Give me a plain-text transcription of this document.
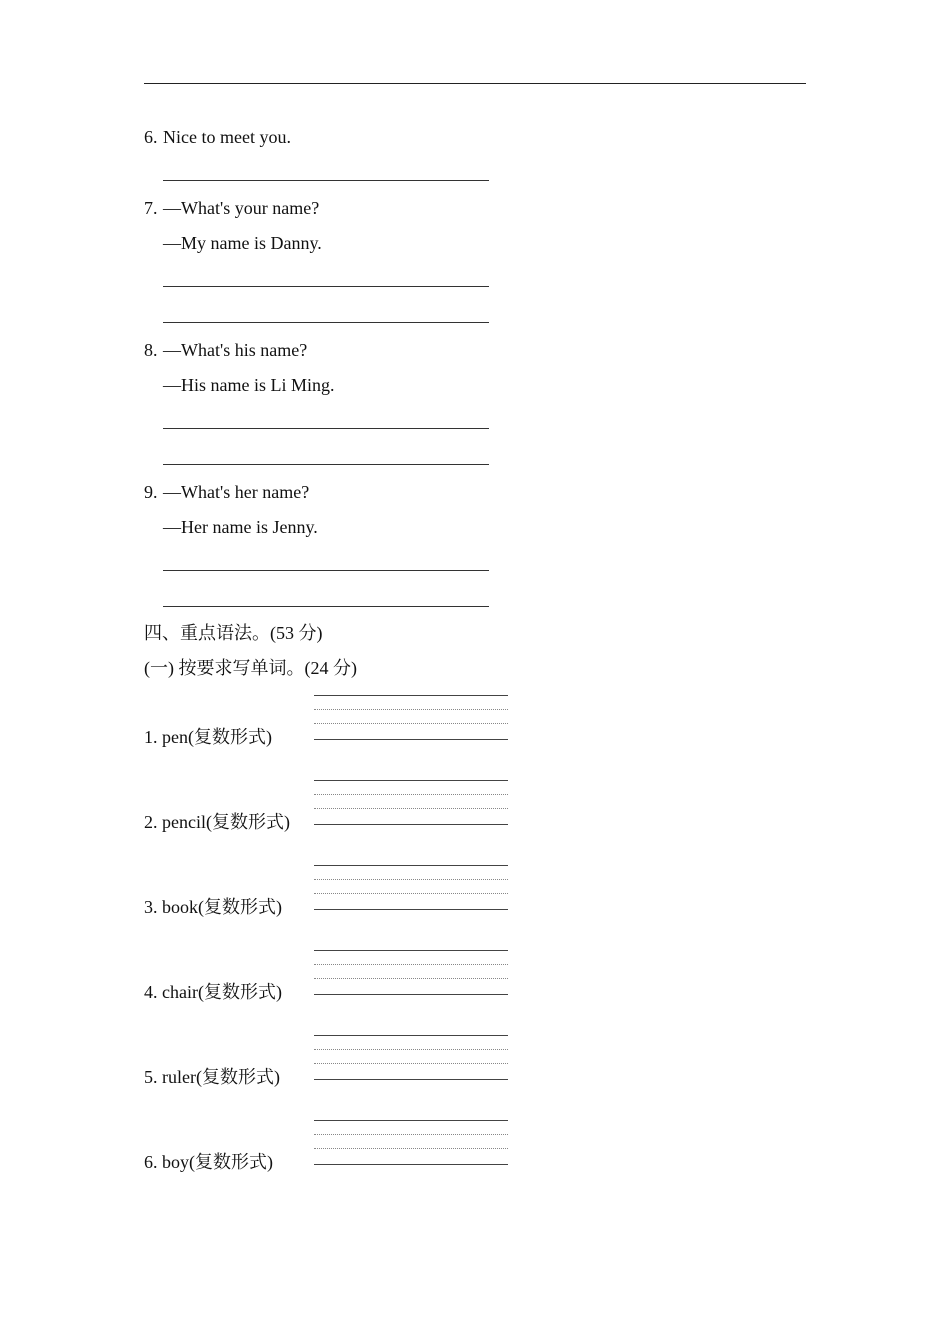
6. Nice to meet you.
7. —What's your name?
—My name is Danny.
8. —What's his name?
—His name is Li Ming.
9. —What's her name?
—Her name is Jenny.
四、重点语法。(53 分)
(一) 按要求写单词。(24 分)
1. pen(复数形式)
2. pencil(复数形式)
3. book(复数形式)
4. chair(复数形式)
5. ruler(复数形式)
6. boy(复数形式)
